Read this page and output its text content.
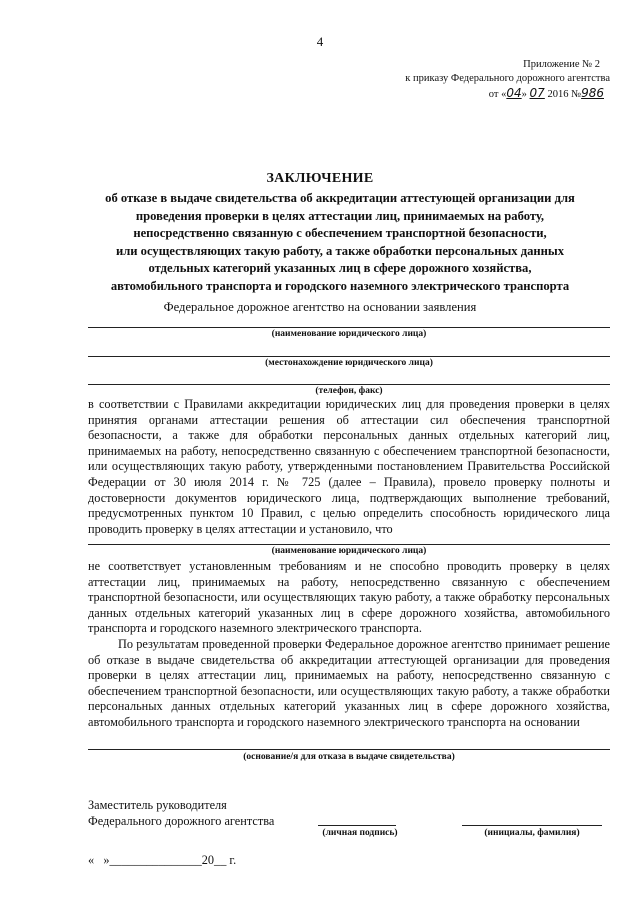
4
Приложение № 2
к приказу Федерального дорожного агентства
от «04» 07 2016 №986
ЗАКЛЮЧЕНИЕ
об отказе в выдаче свидетельства об аккредитации аттестующей организации для
проведения проверки в целях аттестации лиц, принимаемых на работу,
непосредственно связанную с обеспечением транспортной безопасности,
или осуществляющих такую работу, а также обработки персональных данных
отдельных категорий указанных лиц в сфере дорожного хозяйства,
автомобильного транспорта и городского наземного электрического транспорта
Федеральное дорожное агентство на основании заявления
(наименование юридического лица)
(местонахождение юридического лица)
(телефон, факс)
в соответствии с Правилами аккредитации юридических лиц для проведения проверки в целях принятия органами аттестации решения об аттестации сил обеспечения транспортной безопасности, а также для обработки персональных данных отдельных категорий лиц, принимаемых на работу, непосредственно связанную с обеспечением транспортной безопасности, или осуществляющих такую работу, утвержденными постановлением Правительства Российской Федерации от 30 июля 2014 г. № 725 (далее – Правила), провело проверку полноты и достоверности документов юридического лица, подтверждающих выполнение требований, предусмотренных пунктом 10 Правил, с целью определить способность юридического лица проводить проверку в целях аттестации и установило, что
(наименование юридического лица)
не соответствует установленным требованиям и не способно проводить проверку в целях аттестации лиц, принимаемых на работу, непосредственно связанную с обеспечением транспортной безопасности, или осуществляющих такую работу, а также обработку персональных данных отдельных категорий указанных лиц в сфере дорожного хозяйства, автомобильного транспорта и городского наземного электрического транспорта.
По результатам проведенной проверки Федеральное дорожное агентство принимает решение об отказе в выдаче свидетельства об аккредитации аттестующей организации для проведения проверки в целях аттестации лиц, принимаемых на работу, непосредственно связанную с обеспечением транспортной безопасности, или осуществляющих такую работу, а также обработки персональных данных отдельных категорий указанных лиц в сфере дорожного хозяйства, автомобильного транспорта и городского наземного электрического транспорта на основании
(основание/я для отказа в выдаче свидетельства)
Заместитель руководителя
Федерального дорожного агентства
(личная подпись)	(инициалы, фамилия)
«   »_______________20__ г.
